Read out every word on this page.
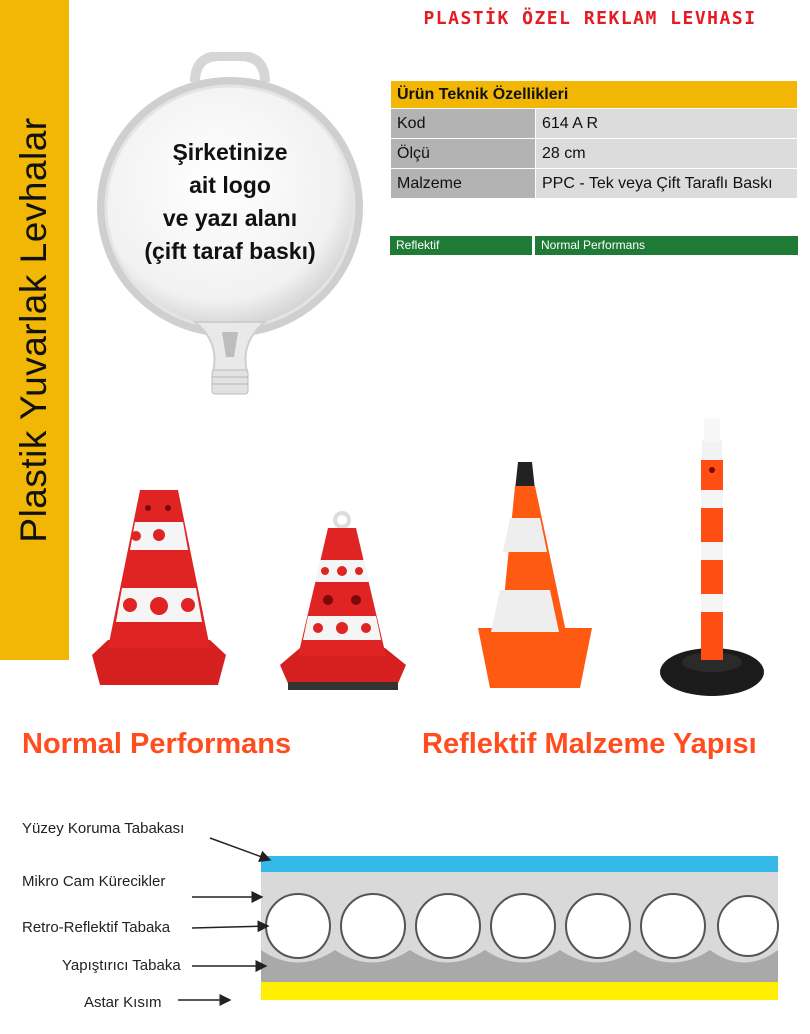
Plastik Yuvarlak Levhalar
PLASTİK ÖZEL REKLAM LEVHASI
Şirketinize
ait logo
ve yazı alanı
(çift taraf baskı)
Ürün Teknik Özellikleri	
Kod	614 A R
Ölçü	28 cm
Malzeme	PPC - Tek veya Çift Taraflı Baskı
Reflektif	Normal Performans
Normal Performans	Reflektif Malzeme Yapısı
Yüzey Koruma Tabakası
Mikro Cam Kürecikler
Retro-Reflektif Tabaka
Yapıştırıcı Tabaka
Astar Kısım
